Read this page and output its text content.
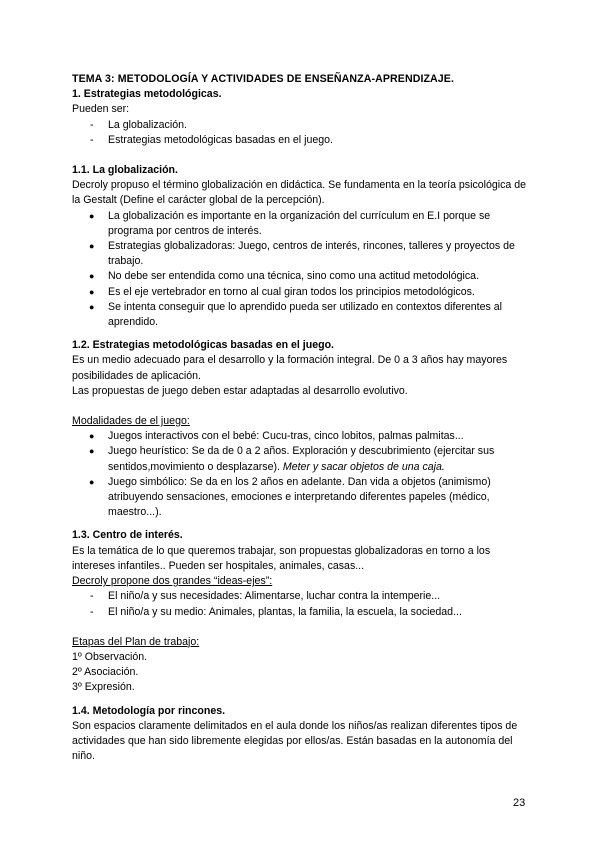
TEMA 3: METODOLOGÍA Y ACTIVIDADES DE ENSEÑANZA-APRENDIZAJE.

1. Estrategias metodológicas.

Pueden ser:

- La globalización.
- Estrategias metodológicas basadas en el juego.

1.1. La globalización.

Decroly propuso el término globalización en didáctica. Se fundamenta en la teoría psicológica de la Gestalt (Define el carácter global de la percepción).

● La globalización es importante en la organización del currículum en E.I porque se programa por centros de interés.
● Estrategias globalizadoras: Juego, centros de interés, rincones, talleres y proyectos de trabajo.
● No debe ser entendida como una técnica, sino como una actitud metodológica.
● Es el eje vertebrador en torno al cual giran todos los principios metodológicos.
● Se intenta conseguir que lo aprendido pueda ser utilizado en contextos diferentes al aprendido.

1.2. Estrategias metodológicas basadas en el juego.

Es un medio adecuado para el desarrollo y la formación integral. De 0 a 3 años hay mayores posibilidades de aplicación.

Las propuestas de juego deben estar adaptadas al desarrollo evolutivo.

Modalidades de el juego:

● Juegos interactivos con el bebé: Cucu-tras, cinco lobitos, palmas palmitas...
● Juego heurístico: Se da de 0 a 2 años. Exploración y descubrimiento (ejercitar sus sentidos,movimiento o desplazarse). Meter y sacar objetos de una caja.
● Juego simbólico: Se da en los 2 años en adelante. Dan vida a objetos (animismo) atribuyendo sensaciones, emociones e interpretando diferentes papeles (médico, maestro...).

1.3. Centro de interés.

Es la temática de lo que queremos trabajar, son propuestas globalizadoras en torno a los intereses infantiles.. Pueden ser hospitales, animales, casas...

Decroly propone dos grandes “ideas-ejes”:

- El niño/a y sus necesidades: Alimentarse, luchar contra la intemperie...
- El niño/a y su medio: Animales, plantas, la familia, la escuela, la sociedad...

Etapas del Plan de trabajo:

1º Observación.

2º Asociación.

3º Expresión.

1.4. Metodología por rincones.

Son espacios claramente delimitados en el aula donde los niños/as realizan diferentes tipos de actividades que han sido libremente elegidas por ellos/as. Están basadas en la autonomía del niño.

23
